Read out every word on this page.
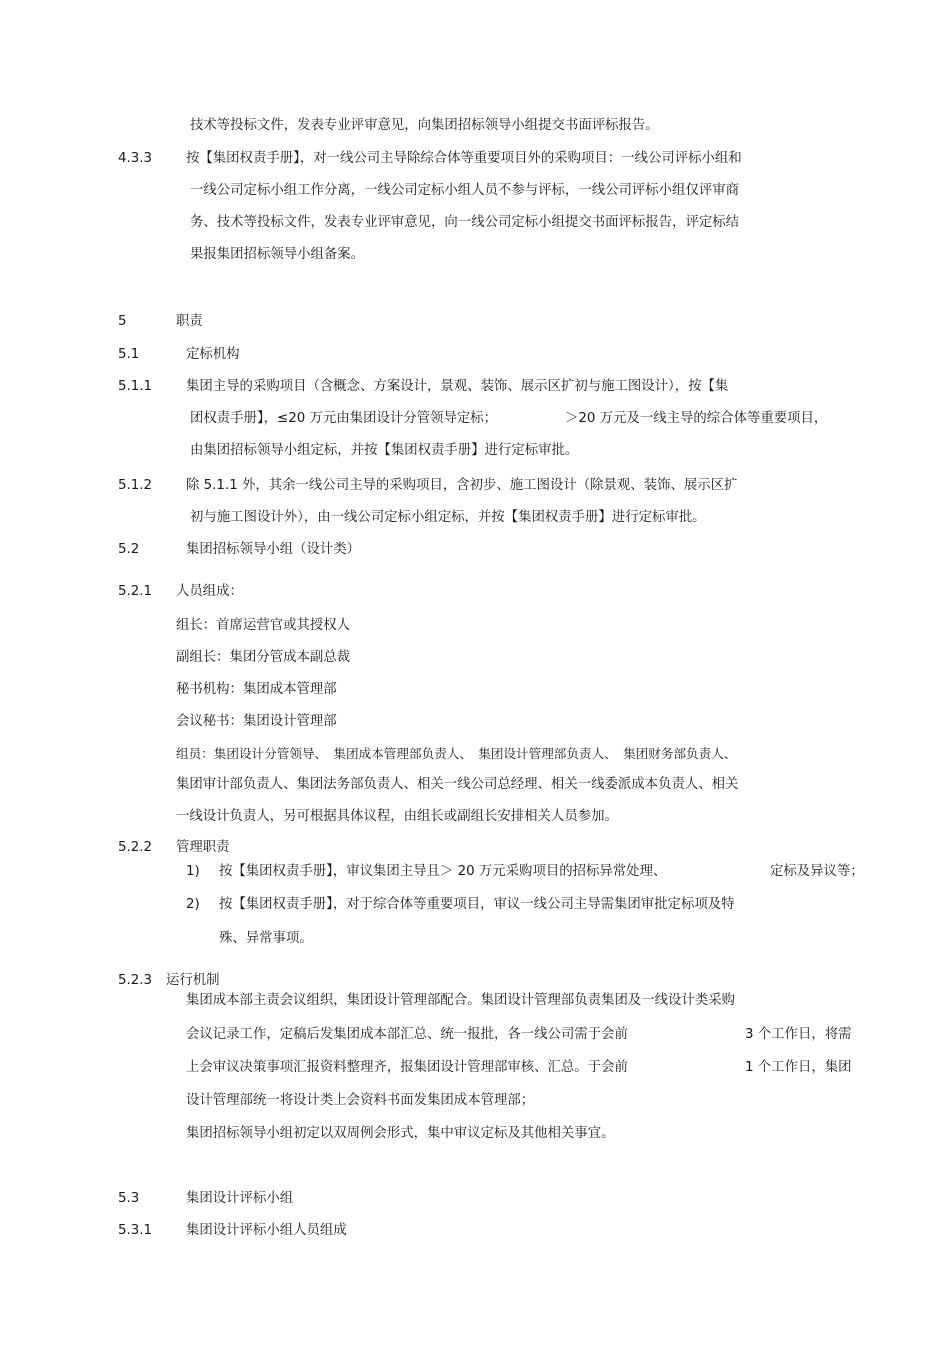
技术等投标文件，发表专业评审意见，向集团招标领导小组提交书面评标报告。
4.3.3	按【集团权责手册】，对一线公司主导除综合体等重要项目外的采购项目：一线公司评标小组和
一线公司定标小组工作分离，一线公司定标小组人员不参与评标，一线公司评标小组仅评审商
务、技术等投标文件，发表专业评审意见，向一线公司定标小组提交书面评标报告，评定标结
果报集团招标领导小组备案。
5	职责
5.1	定标机构
5.1.1	集团主导的采购项目（含概念、方案设计，景观、装饰、展示区扩初与施工图设计），按【集
团权责手册】，≤20 万元由集团设计分管领导定标；	＞20 万元及一线主导的综合体等重要项目，
由集团招标领导小组定标，并按【集团权责手册】进行定标审批。
5.1.2	除 5.1.1 外，其余一线公司主导的采购项目，含初步、施工图设计（除景观、装饰、展示区扩
初与施工图设计外），由一线公司定标小组定标，并按【集团权责手册】进行定标审批。
5.2	集团招标领导小组（设计类）
5.2.1 人员组成：
组长：首席运营官或其授权人
副组长：集团分管成本副总裁
秘书机构：集团成本管理部
会议秘书：集团设计管理部
组员：集团设计分管领导、　集团成本管理部负责人、　集团设计管理部负责人、　集团财务部负责人、
集团审计部负责人、集团法务部负责人、相关一线公司总经理、相关一线委派成本负责人、相关
一线设计负责人，另可根据具体议程，由组长或副组长安排相关人员参加。
5.2.2 管理职责
1) 按【集团权责手册】，审议集团主导且＞ 20 万元采购项目的招标异常处理、	定标及异议等；
2) 按【集团权责手册】，对于综合体等重要项目，审议一线公司主导需集团审批定标项及特
殊、异常事项。
5.2.3 运行机制
集团成本部主责会议组织，集团设计管理部配合。集团设计管理部负责集团及一线设计类采购
会议记录工作，定稿后发集团成本部汇总、统一报批，各一线公司需于会前	3 个工作日，将需
上会审议决策事项汇报资料整理齐，报集团设计管理部审核、汇总。于会前	1 个工作日，集团
设计管理部统一将设计类上会资料书面发集团成本管理部；
集团招标领导小组初定以双周例会形式，集中审议定标及其他相关事宜。
5.3	集团设计评标小组
5.3.1	集团设计评标小组人员组成
